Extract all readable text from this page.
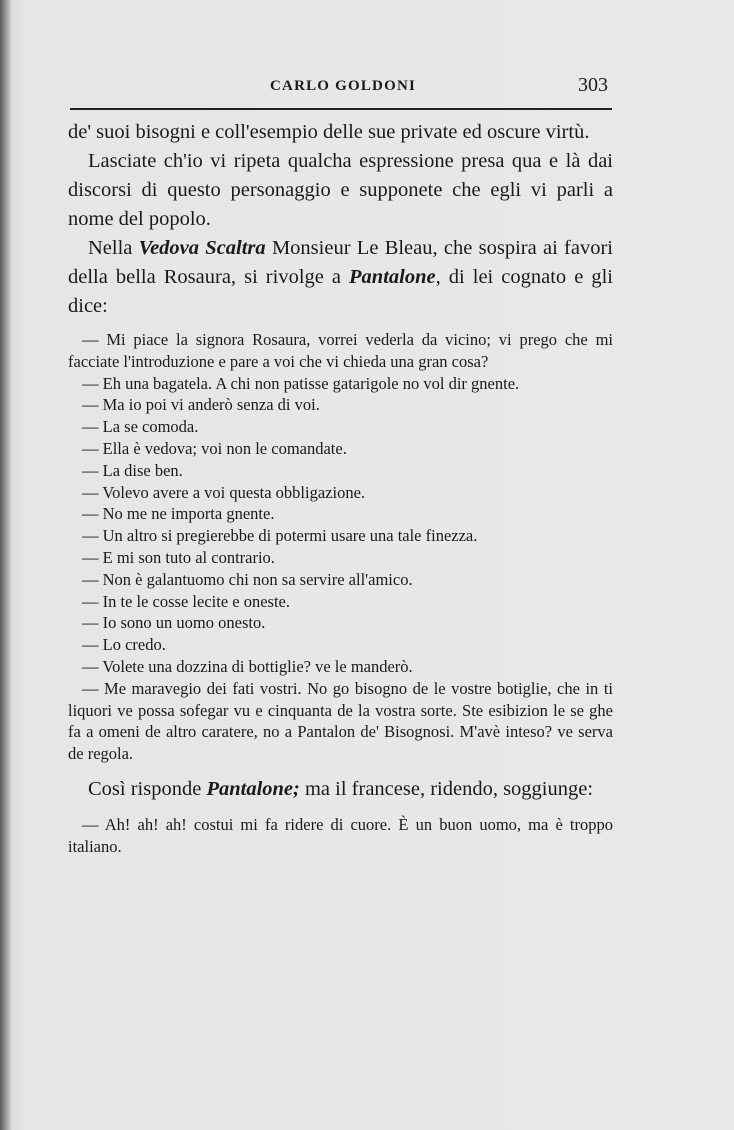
CARLO GOLDONI	303

de' suoi bisogni e coll'esempio delle sue private ed oscure virtù.

Lasciate ch'io vi ripeta qualcha espressione presa qua e là dai discorsi di questo personaggio e supponete che egli vi parli a nome del popolo.

Nella Vedova Scaltra Monsieur Le Bleau, che sospira ai favori della bella Rosaura, si rivolge a Pantalone, di lei cognato e gli dice:

— Mi piace la signora Rosaura, vorrei vederla da vicino; vi prego che mi facciate l'introduzione e pare a voi che vi chieda una gran cosa?

— Eh una bagatela. A chi non patisse gatarigole no vol dir gnente.

— Ma io poi vi anderò senza di voi.

— La se comoda.

— Ella è vedova; voi non le comandate.

— La dise ben.

— Volevo avere a voi questa obbligazione.

— No me ne importa gnente.

— Un altro si pregierebbe di potermi usare una tale finezza.

— E mi son tuto al contrario.

— Non è galantuomo chi non sa servire all'amico.

— In te le cosse lecite e oneste.

— Io sono un uomo onesto.

— Lo credo.

— Volete una dozzina di bottiglie? ve le manderò.

— Me maravegio dei fati vostri. No go bisogno de le vostre botiglie, che in ti liquori ve possa sofegar vu e cinquanta de la vostra sorte. Ste esibizion le se ghe fa a omeni de altro caratere, no a Pantalon de' Bisognosi. M'avè inteso? ve serva de regola.

Così risponde Pantalone; ma il francese, ridendo, soggiunge:

— Ah! ah! ah! costui mi fa ridere di cuore. È un buon uomo, ma è troppo italiano.
